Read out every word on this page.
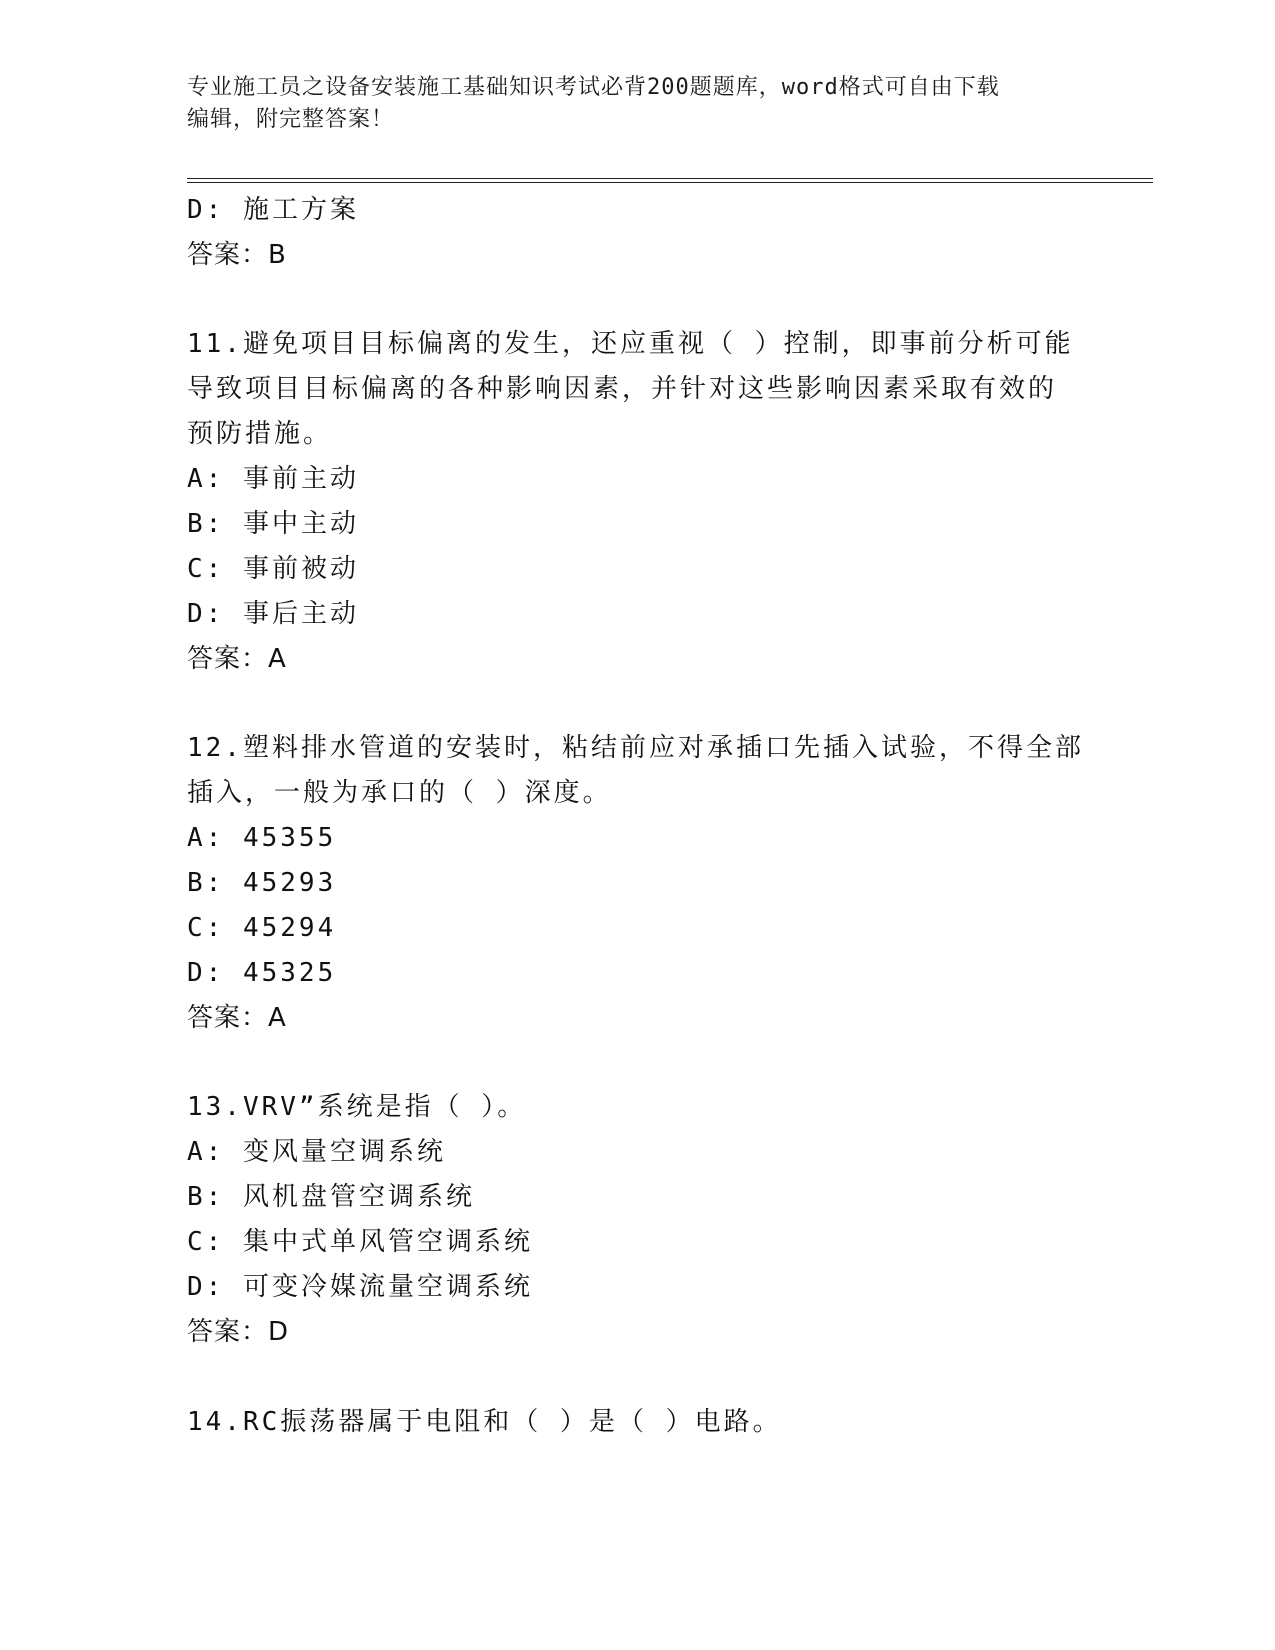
专业施工员之设备安装施工基础知识考试必背200题题库，word格式可自由下载
编辑，附完整答案！
D: 施工方案
答案：B
11.避免项目目标偏离的发生，还应重视（ ）控制，即事前分析可能
导致项目目标偏离的各种影响因素，并针对这些影响因素采取有效的
预防措施。
A: 事前主动
B: 事中主动
C: 事前被动
D: 事后主动
答案：A
12.塑料排水管道的安装时，粘结前应对承插口先插入试验，不得全部
插入，一般为承口的（ ）深度。
A: 45355
B: 45293
C: 45294
D: 45325
答案：A
13.VRV”系统是指（ ）。
A: 变风量空调系统
B: 风机盘管空调系统
C: 集中式单风管空调系统
D: 可变冷媒流量空调系统
答案：D
14.RC振荡器属于电阻和（ ）是（ ）电路。
